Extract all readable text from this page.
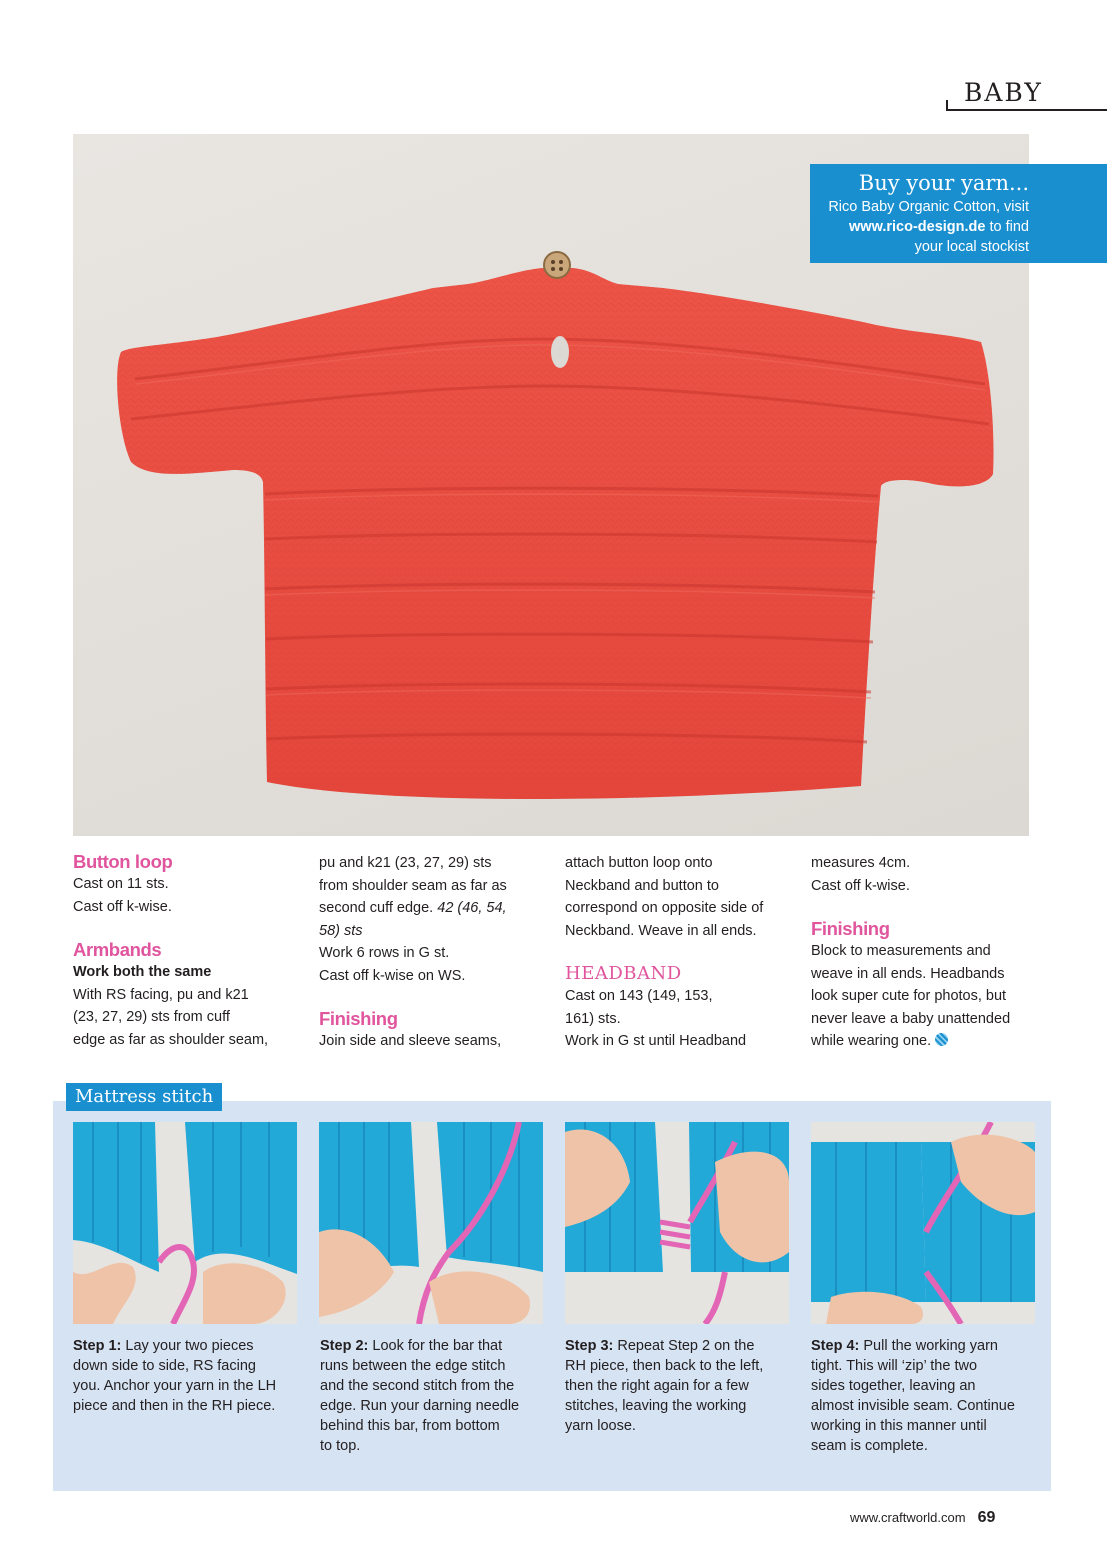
BABY
Buy your yarn...
Rico Baby Organic Cotton, visit
www.rico-design.de to find
your local stockist

Button loop

Cast on 11 sts.

Cast off k-wise.

Armbands

Work both the same

With RS facing, pu and k21

(23, 27, 29) sts from cuff

edge as far as shoulder seam,

pu and k21 (23, 27, 29) sts

from shoulder seam as far as

second cuff edge. 42 (46, 54,

58) sts

Work 6 rows in G st.

Cast off k-wise on WS.

Finishing

Join side and sleeve seams,

attach button loop onto

Neckband and button to

correspond on opposite side of

Neckband. Weave in all ends.

HEADBAND

Cast on 143 (149, 153,

161) sts.

Work in G st until Headband

measures 4cm.

Cast off k-wise.

Finishing

Block to measurements and

weave in all ends. Headbands

look super cute for photos, but

never leave a baby unattended

while wearing one.

Mattress stitch
Step 1: Lay your two pieces
down side to side, RS facing
you. Anchor your yarn in the LH
piece and then in the RH piece.
Step 2: Look for the bar that
runs between the edge stitch
and the second stitch from the
edge. Run your darning needle
behind this bar, from bottom
to top.
Step 3: Repeat Step 2 on the
RH piece, then back to the left,
then the right again for a few
stitches, leaving the working
yarn loose.
Step 4: Pull the working yarn
tight. This will ‘zip’ the two
sides together, leaving an
almost invisible seam. Continue
working in this manner until
seam is complete.
www.craftworld.com 69
